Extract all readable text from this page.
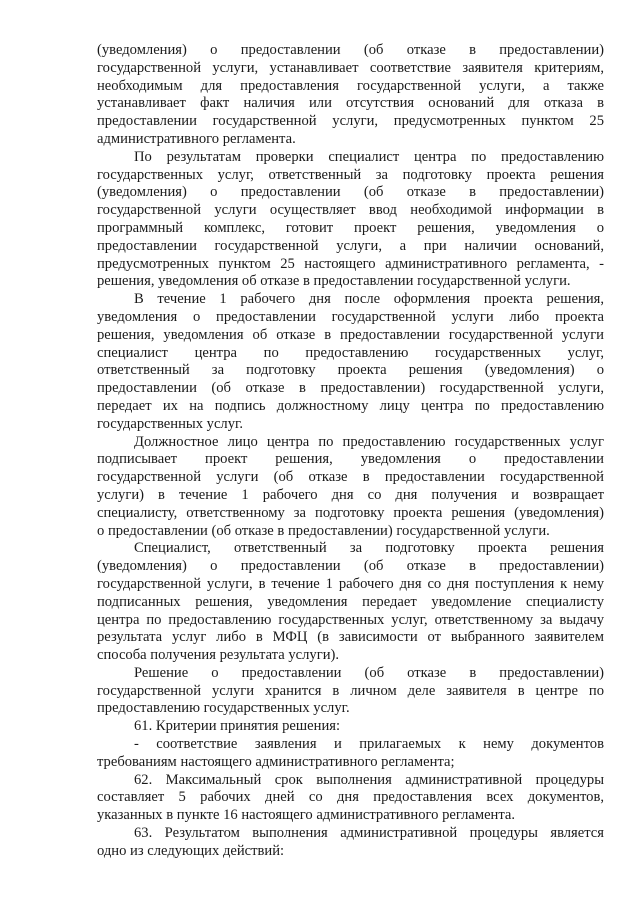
(уведомления) о предоставлении (об отказе в предоставлении)
государственной услуги, устанавливает соответствие заявителя критериям,
необходимым для предоставления государственной услуги, а также
устанавливает факт наличия или отсутствия оснований для отказа в
предоставлении государственной услуги, предусмотренных пунктом 25
административного регламента.
По результатам проверки специалист центра по предоставлению
государственных услуг, ответственный за подготовку проекта решения
(уведомления) о предоставлении (об отказе в предоставлении)
государственной услуги осуществляет ввод необходимой информации в
программный комплекс, готовит проект решения, уведомления о
предоставлении государственной услуги, а при наличии оснований,
предусмотренных пунктом 25 настоящего административного регламента, -
решения, уведомления об отказе в предоставлении государственной услуги.
В течение 1 рабочего дня после оформления проекта решения,
уведомления о предоставлении государственной услуги либо проекта
решения, уведомления об отказе в предоставлении государственной услуги
специалист центра по предоставлению государственных услуг,
ответственный за подготовку проекта решения (уведомления) о
предоставлении (об отказе в предоставлении) государственной услуги,
передает их на подпись должностному лицу центра по предоставлению
государственных услуг.
Должностное лицо центра по предоставлению государственных услуг
подписывает проект решения, уведомления о предоставлении
государственной услуги (об отказе в предоставлении государственной
услуги) в течение 1 рабочего дня со дня получения и возвращает
специалисту, ответственному за подготовку проекта решения (уведомления)
о предоставлении (об отказе в предоставлении) государственной услуги.
Специалист, ответственный за подготовку проекта решения
(уведомления) о предоставлении (об отказе в предоставлении)
государственной услуги, в течение 1 рабочего дня со дня поступления к нему
подписанных решения, уведомления передает уведомление специалисту
центра по предоставлению государственных услуг, ответственному за выдачу
результата услуг либо в МФЦ (в зависимости от выбранного заявителем
способа получения результата услуги).
Решение о предоставлении (об отказе в предоставлении)
государственной услуги хранится в личном деле заявителя в центре по
предоставлению государственных услуг.
61. Критерии принятия решения:
- соответствие заявления и прилагаемых к нему документов
требованиям настоящего административного регламента;
62. Максимальный срок выполнения административной процедуры
составляет 5 рабочих дней со дня предоставления всех документов,
указанных в пункте 16 настоящего административного регламента.
63. Результатом выполнения административной процедуры является
одно из следующих действий:
